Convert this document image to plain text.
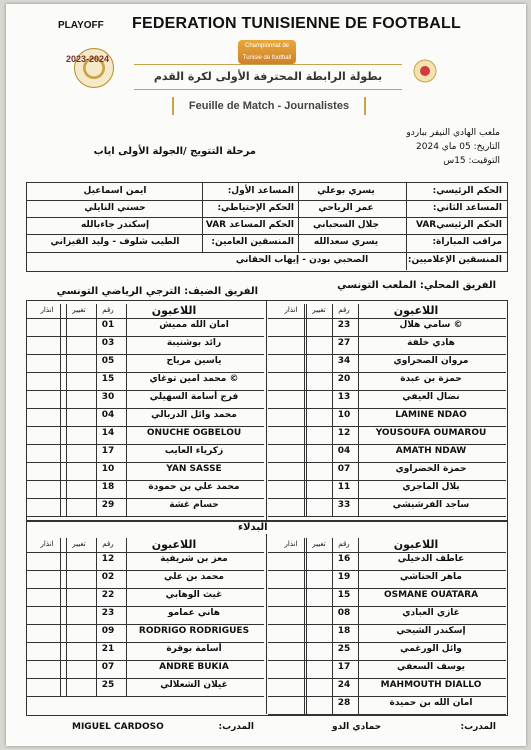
PLAYOFF FEDERATION TUNISIENNE DE FOOTBALL
2023-2024
Championnat de Tunisie de football
بطولة الرابطة المحترفة الأولى لكرة القدم
Feuille de Match - Journalistes
ملعب الهادي النيفر بباردو
التاريخ: 05 ماي 2024
التوقيت: 15س
مرحلة التتويج /الجولة الأولى اياب
الفريق المحلي: الملعب التونسي
الفريق الضيف: الترجي الرياضي التونسي
البدلاء
المدرب:
حمادي الدو
المدرب:
MIGUEL CARDOSO
الحكم الرئيسي:
يسري بوعلي
المساعد الأول:
ايمن اسماعيل
المساعد الثاني:
عمر الرياحي
الحكم الإحتياطي:
حسني النايلي
الحكم الرئيسيVAR
جلال السحباني
الحكم المساعد VAR
إسكندر جاءبالله
مراقب المباراة:
يسري سعدالله
المنسقين العامين:
الطيب شلوف - وليد القيزاني
المنسقين الإعلاميين:
الصحبي بودن - إيهاب الحقاني
اللاعبون
رقم
تغيير
انذار
سامي هلال ©
23
هادي خلفة
27
مروان الصحراوي
34
حمزة بن عبدة
20
نضال العيفي
13
LAMINE NDAO
10
YOUSOUFA OUMAROU
12
AMATH NDAW
04
حمزة الخضراوي
07
بلال الماجري
11
ساجد الفرشيشي
33
اللاعبون
رقم
تغيير
انذار
امان الله مميش
01
رائد بوشنيبة
03
ياسين مرياح
05
محمد امين توغاي ©
15
فرج أسامة السهيلي
30
محمد وائل الدربالي
04
ONUCHE OGBELOU
14
زكرياء العايب
17
YAN SASSE
10
محمد علي بن حمودة
18
حسام غشة
29
اللاعبون
رقم
تغيير
انذار
عاطف الدخيلي
16
ماهر الحناشي
19
OSMANE OUATARA
15
غازي العبادي
08
إسكندر الشيحي
18
وائل الورغمي
25
يوسف السعفي
17
MAHMOUTH DIALLO
24
امان الله بن حميدة
28
اللاعبون
رقم
تغيير
انذار
معز بن شريفية
12
محمد بن علي
02
غيث الوهابي
22
هاني عمامو
23
RODRIGO RODRIGUES
09
أسامة بوقرة
21
ANDRE BUKIA
07
غيلان الشعلالي
25
